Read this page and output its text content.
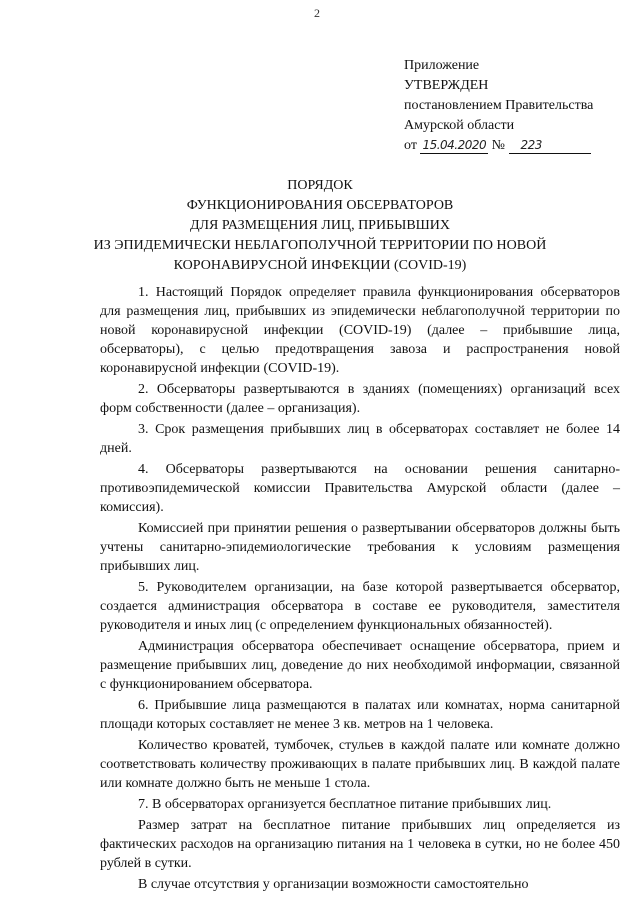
2
Приложение
УТВЕРЖДЕН
постановлением Правительства
Амурской области
от 15.04.2020 № 223
ПОРЯДОК
ФУНКЦИОНИРОВАНИЯ ОБСЕРВАТОРОВ
ДЛЯ РАЗМЕЩЕНИЯ ЛИЦ, ПРИБЫВШИХ
ИЗ ЭПИДЕМИЧЕСКИ НЕБЛАГОПОЛУЧНОЙ ТЕРРИТОРИИ ПО НОВОЙ
КОРОНАВИРУСНОЙ ИНФЕКЦИИ (COVID-19)

1. Настоящий Порядок определяет правила функционирования обсерваторов для размещения лиц, прибывших из эпидемически неблагополучной территории по новой коронавирусной инфекции (COVID-19) (далее – прибывшие лица, обсерваторы), с целью предотвращения завоза и распространения новой коронавирусной инфекции (COVID-19).

2. Обсерваторы развертываются в зданиях (помещениях) организаций всех форм собственности (далее – организация).

3. Срок размещения прибывших лиц в обсерваторах составляет не более 14 дней.

4. Обсерваторы развертываются на основании решения санитарно-противоэпидемической комиссии Правительства Амурской области (далее – комиссия).

Комиссией при принятии решения о развертывании обсерваторов должны быть учтены санитарно-эпидемиологические требования к условиям размещения прибывших лиц.

5. Руководителем организации, на базе которой развертывается обсерватор, создается администрация обсерватора в составе ее руководителя, заместителя руководителя и иных лиц (с определением функциональных обязанностей).

Администрация обсерватора обеспечивает оснащение обсерватора, прием и размещение прибывших лиц, доведение до них необходимой информации, связанной с функционированием обсерватора.

6. Прибывшие лица размещаются в палатах или комнатах, норма санитарной площади которых составляет не менее 3 кв. метров на 1 человека.

Количество кроватей, тумбочек, стульев в каждой палате или комнате должно соответствовать количеству проживающих в палате прибывших лиц. В каждой палате или комнате должно быть не меньше 1 стола.

7. В обсерваторах организуется бесплатное питание прибывших лиц.

Размер затрат на бесплатное питание прибывших лиц определяется из фактических расходов на организацию питания на 1 человека в сутки, но не более 450 рублей в сутки.

В случае отсутствия у организации возможности самостоятельно
